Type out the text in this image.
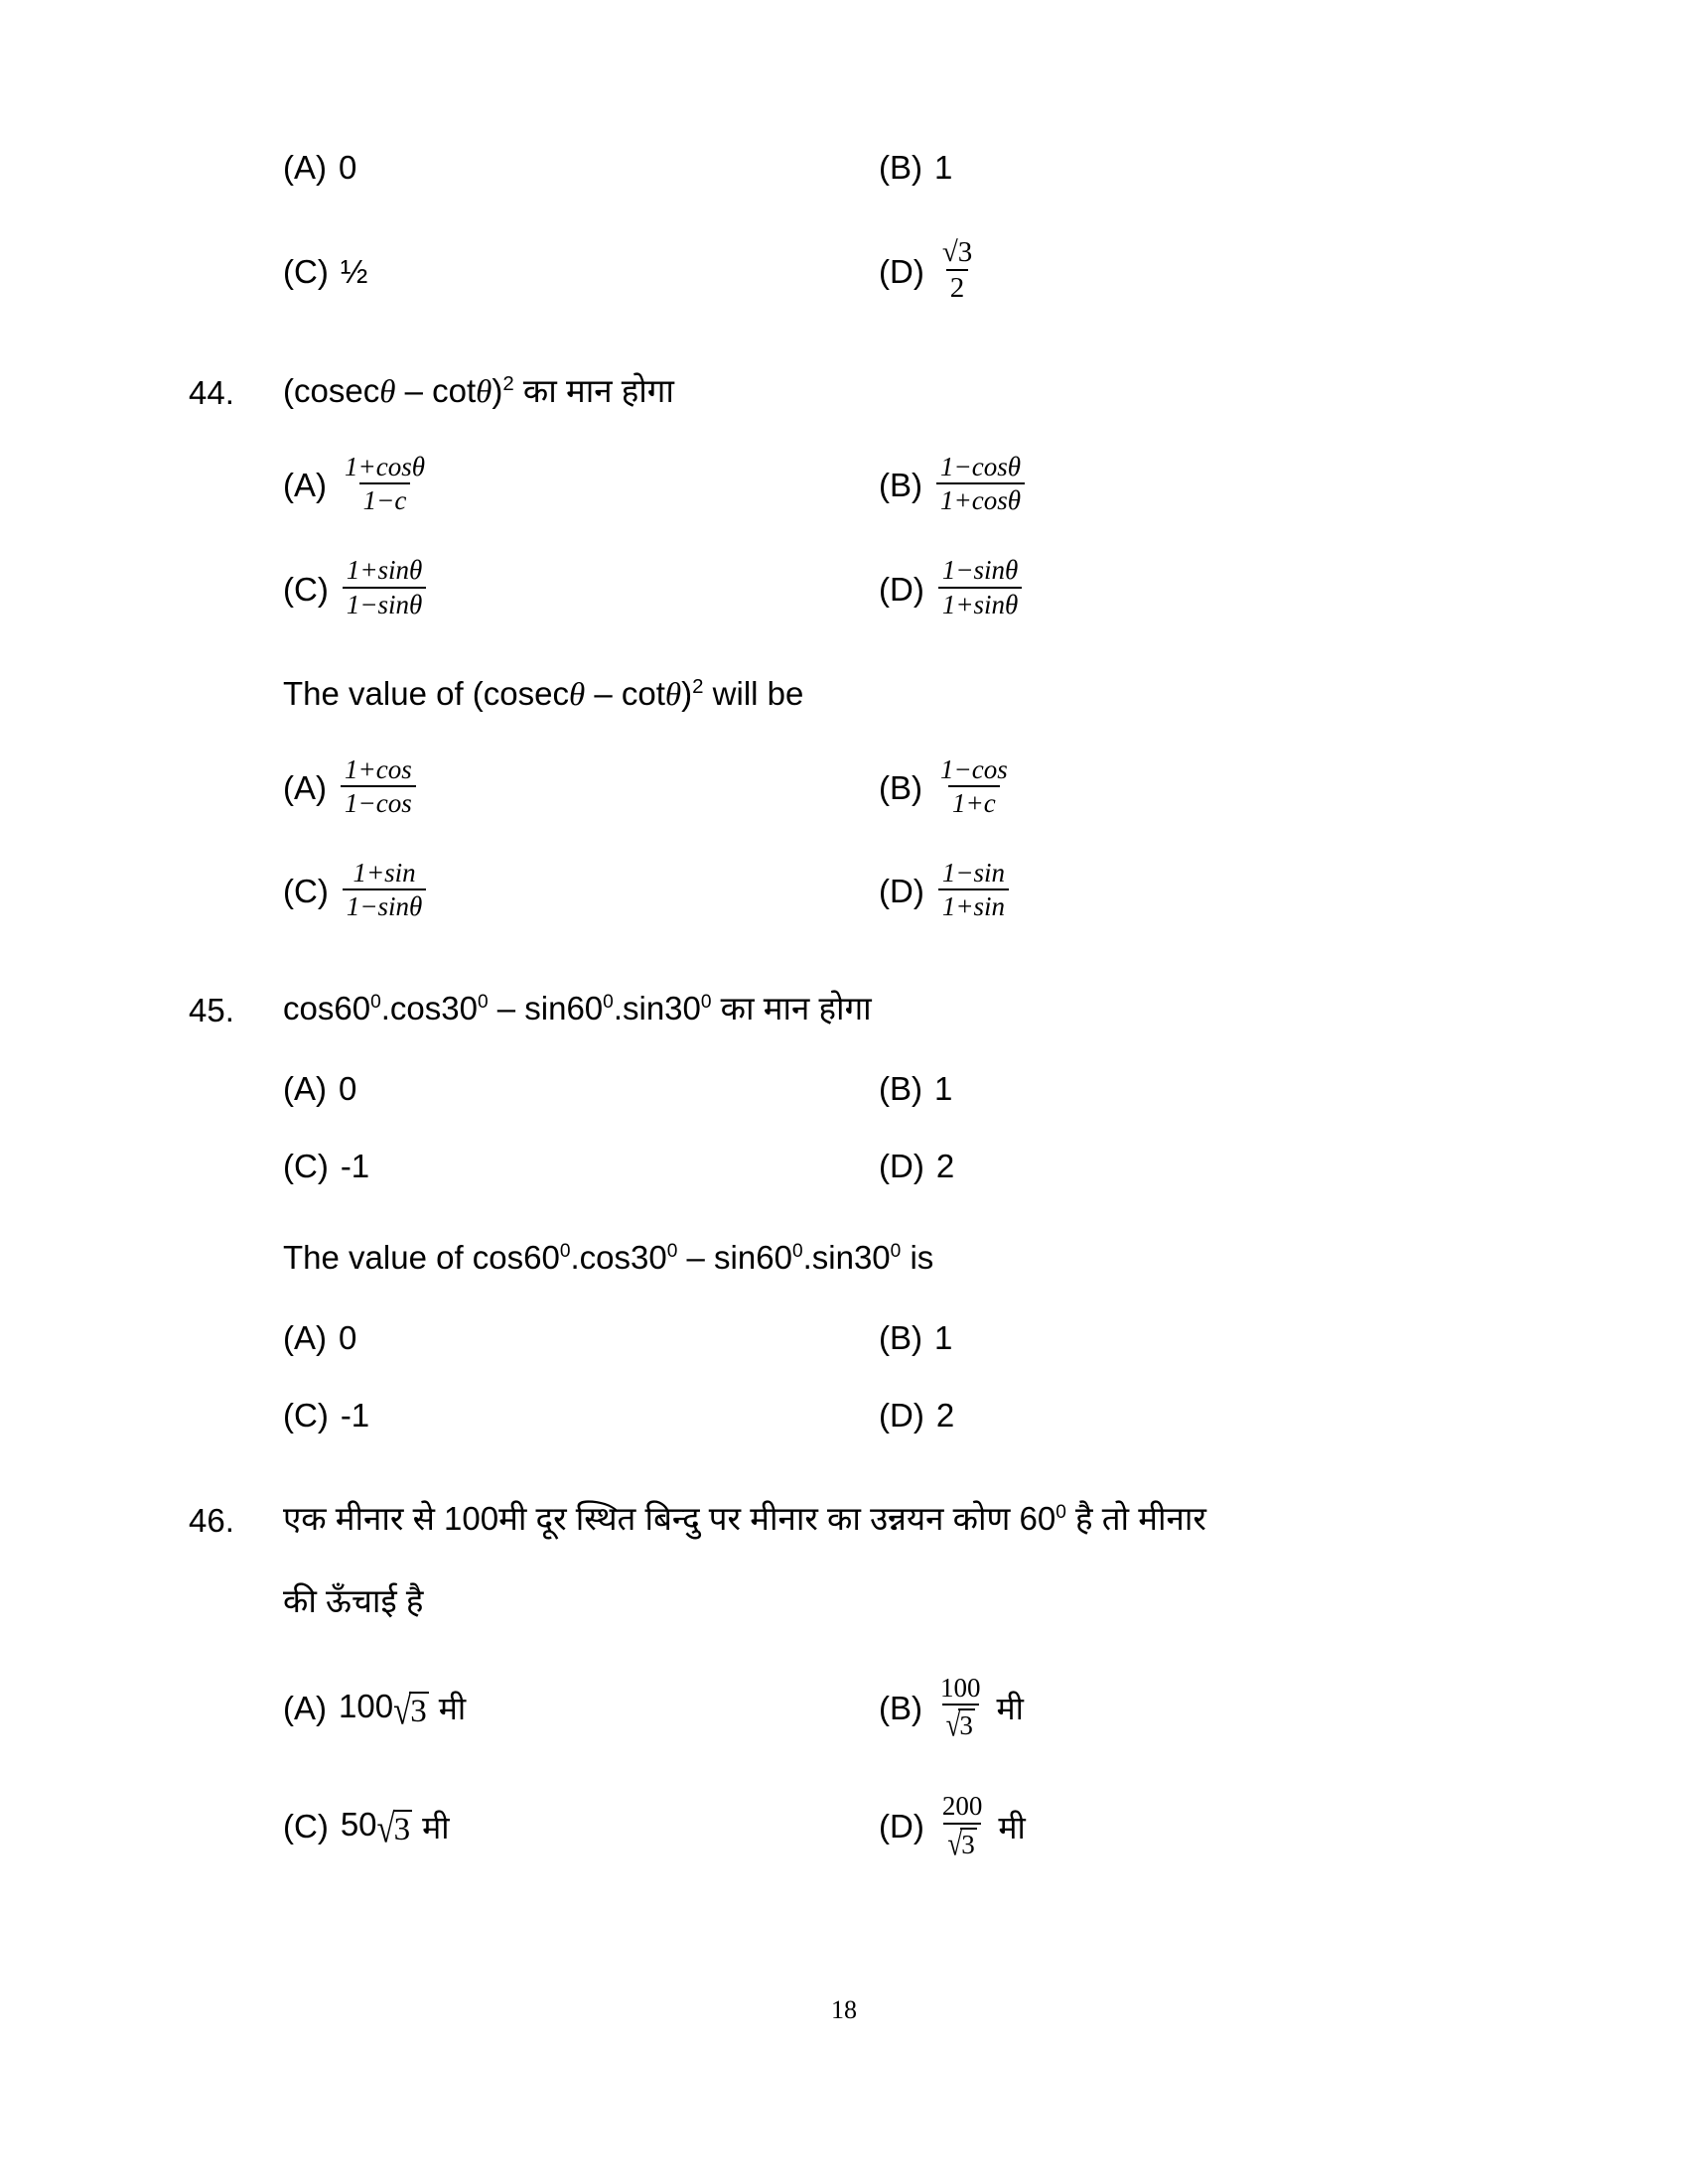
(A) 0	(B) 1
(C) ½	$(D) \frac{√3}{2}$
44.	(cosecθ – cotθ)$^2$ का मान होगा
$(A) \frac{1+\cos\theta}{1-c}$	$(B) \frac{1-\cos\theta}{1+\cos\theta}$
$(C) \frac{1+\sin\theta}{1-\sin\theta}$	$(D) \frac{1-\sin\theta}{1+\sin\theta}$
The value of (cosecθ – cotθ)$^2$ will be
$(A) \frac{1+\cos}{1-\cos}$	$(B) \frac{1-\cos}{1+c}$
$(C) \frac{1+\sin}{1-\sin\theta}$	$(D) \frac{1-\sin}{1+\sin}$
45.	$\cos 60^0.\cos 30^0 - \sin 60^0.\sin 30^0$ का मान होगा
(A) 0	(B) 1
(C) -1	(D) 2
The value of $\cos 60^0.\cos 30^0 - \sin 60^0.\sin 30^0$ is
(A) 0	(B) 1
(C) -1	(D) 2
46.	एक मीनार से 100मी दूर स्थित बिन्दु पर मीनार का उन्नयन कोण $60^0$ है तो मीनार
की ऊँचाई है
(A) 100 √ 3 मी	$(B) \frac{100}{√ 3}$ मी
(C) 50 √ 3 मी	$(D) \frac{200}{√ 3}$ मी
18
